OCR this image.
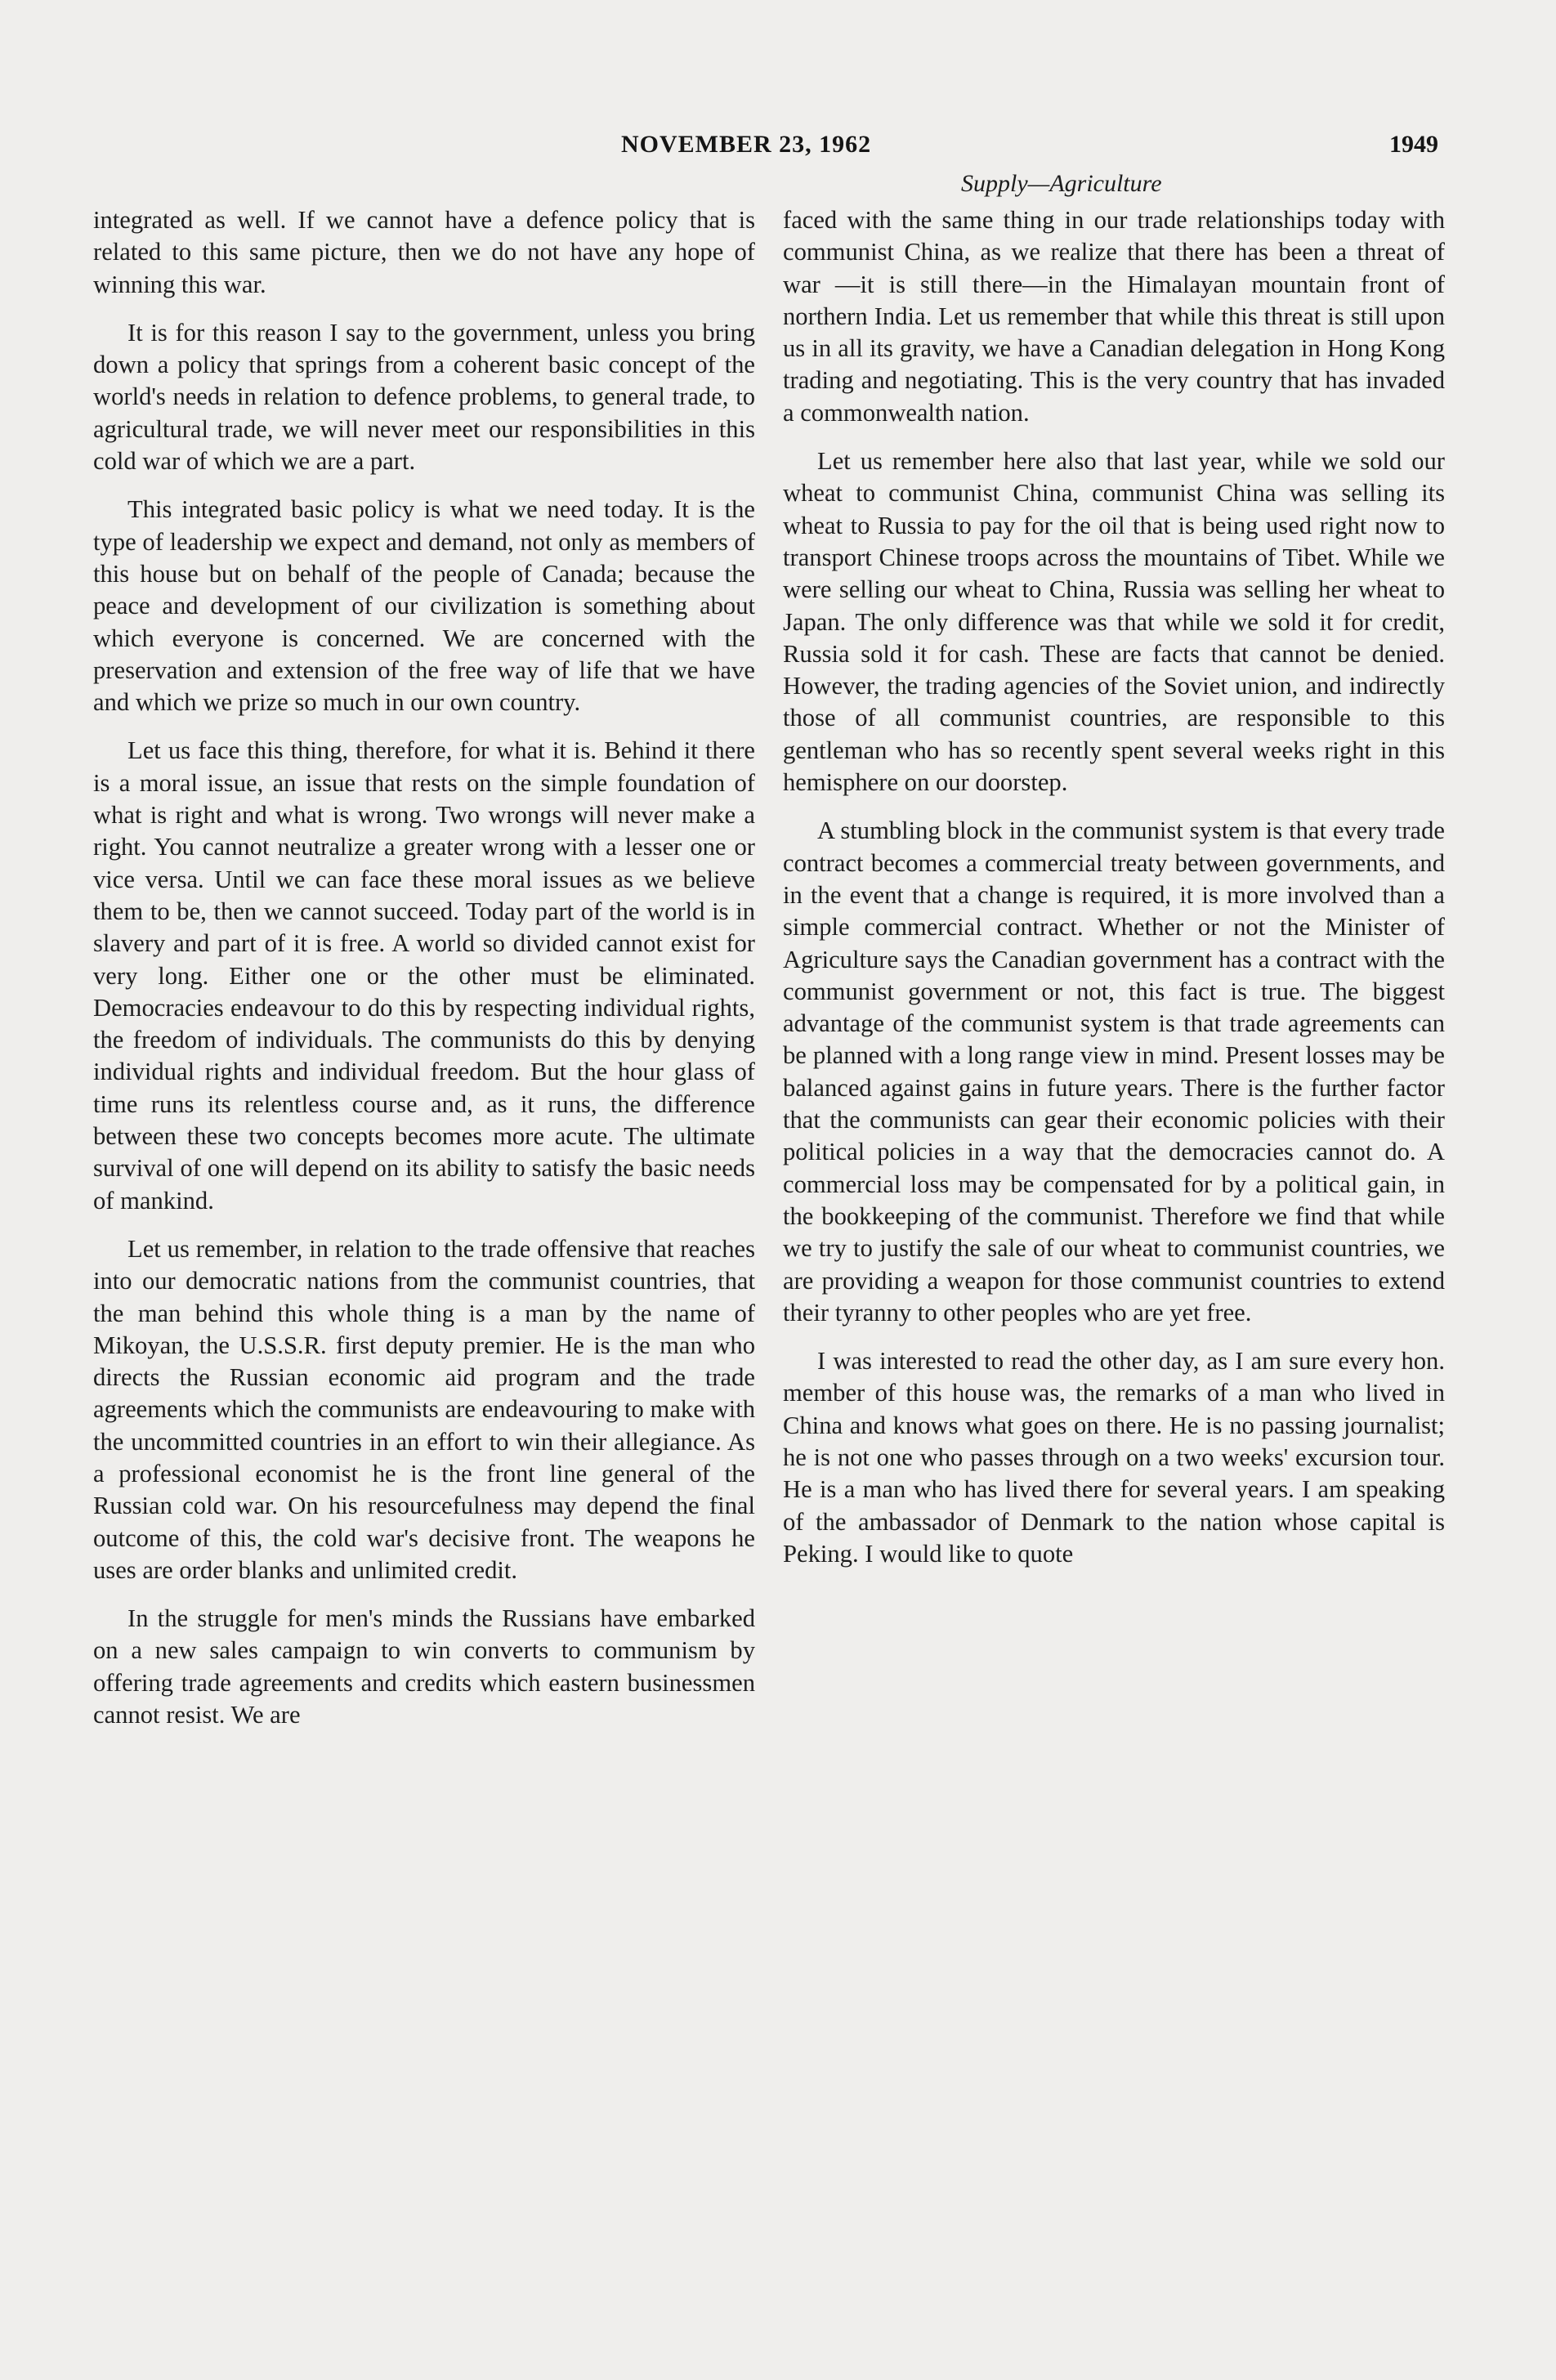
NOVEMBER 23, 1962	1949
Supply—Agriculture

integrated as well. If we cannot have a defence policy that is related to this same picture, then we do not have any hope of winning this war.

It is for this reason I say to the government, unless you bring down a policy that springs from a coherent basic concept of the world's needs in relation to defence problems, to general trade, to agricultural trade, we will never meet our responsibilities in this cold war of which we are a part.

This integrated basic policy is what we need today. It is the type of leadership we expect and demand, not only as members of this house but on behalf of the people of Canada; because the peace and development of our civilization is something about which everyone is concerned. We are concerned with the preservation and extension of the free way of life that we have and which we prize so much in our own country.

Let us face this thing, therefore, for what it is. Behind it there is a moral issue, an issue that rests on the simple foundation of what is right and what is wrong. Two wrongs will never make a right. You cannot neutralize a greater wrong with a lesser one or vice versa. Until we can face these moral issues as we believe them to be, then we cannot succeed. Today part of the world is in slavery and part of it is free. A world so divided cannot exist for very long. Either one or the other must be eliminated. Democracies endeavour to do this by respecting individual rights, the freedom of individuals. The communists do this by denying individual rights and individual freedom. But the hour glass of time runs its relentless course and, as it runs, the difference between these two concepts becomes more acute. The ultimate survival of one will depend on its ability to satisfy the basic needs of mankind.

Let us remember, in relation to the trade offensive that reaches into our democratic nations from the communist countries, that the man behind this whole thing is a man by the name of Mikoyan, the U.S.S.R. first deputy premier. He is the man who directs the Russian economic aid program and the trade agreements which the communists are endeavouring to make with the uncommitted countries in an effort to win their allegiance. As a professional economist he is the front line general of the Russian cold war. On his resourcefulness may depend the final outcome of this, the cold war's decisive front. The weapons he uses are order blanks and unlimited credit.

In the struggle for men's minds the Russians have embarked on a new sales campaign to win converts to communism by offering trade agreements and credits which eastern businessmen cannot resist. We are

faced with the same thing in our trade relationships today with communist China, as we realize that there has been a threat of war —it is still there—in the Himalayan mountain front of northern India. Let us remember that while this threat is still upon us in all its gravity, we have a Canadian delegation in Hong Kong trading and negotiating. This is the very country that has invaded a commonwealth nation.

Let us remember here also that last year, while we sold our wheat to communist China, communist China was selling its wheat to Russia to pay for the oil that is being used right now to transport Chinese troops across the mountains of Tibet. While we were selling our wheat to China, Russia was selling her wheat to Japan. The only difference was that while we sold it for credit, Russia sold it for cash. These are facts that cannot be denied. However, the trading agencies of the Soviet union, and indirectly those of all communist countries, are responsible to this gentleman who has so recently spent several weeks right in this hemisphere on our doorstep.

A stumbling block in the communist system is that every trade contract becomes a commercial treaty between governments, and in the event that a change is required, it is more involved than a simple commercial contract. Whether or not the Minister of Agriculture says the Canadian government has a contract with the communist government or not, this fact is true. The biggest advantage of the communist system is that trade agreements can be planned with a long range view in mind. Present losses may be balanced against gains in future years. There is the further factor that the communists can gear their economic policies with their political policies in a way that the democracies cannot do. A commercial loss may be compensated for by a political gain, in the bookkeeping of the communist. Therefore we find that while we try to justify the sale of our wheat to communist countries, we are providing a weapon for those communist countries to extend their tyranny to other peoples who are yet free.

I was interested to read the other day, as I am sure every hon. member of this house was, the remarks of a man who lived in China and knows what goes on there. He is no passing journalist; he is not one who passes through on a two weeks' excursion tour. He is a man who has lived there for several years. I am speaking of the ambassador of Denmark to the nation whose capital is Peking. I would like to quote
